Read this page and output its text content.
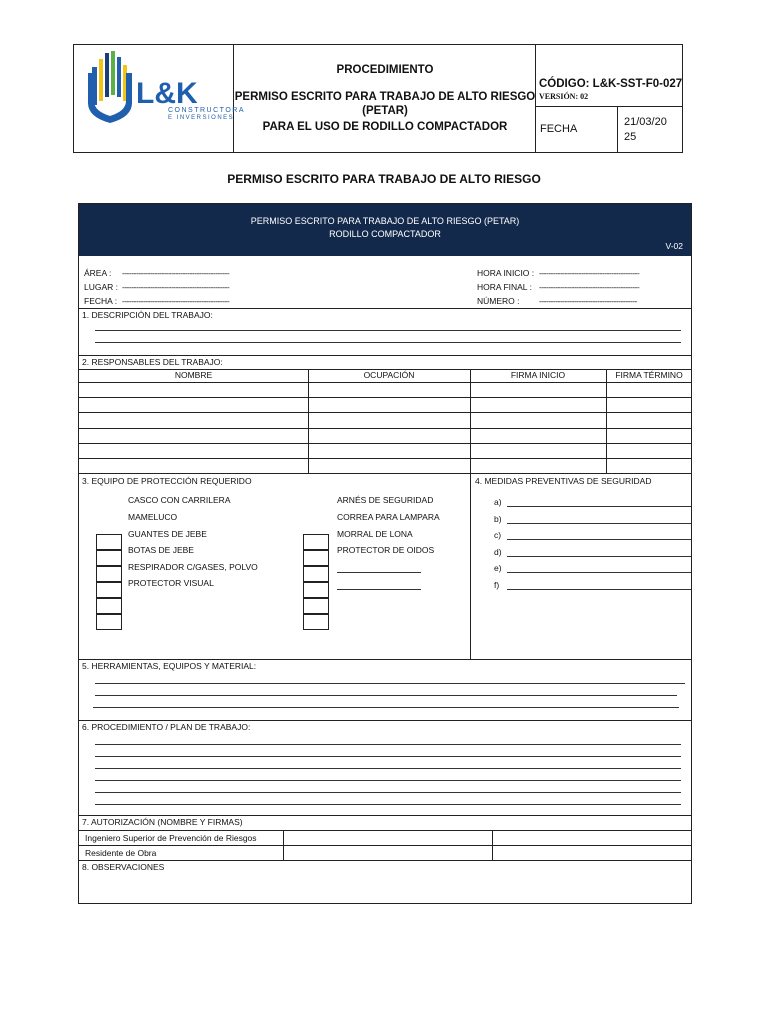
L&K
CONSTRUCTORA
E INVERSIONES
PROCEDIMIENTO
PERMISO ESCRITO PARA TRABAJO DE ALTO RIESGO
(PETAR)
PARA EL USO DE RODILLO COMPACTADOR
CÓDIGO: L&K-SST-F0-027
VERSIÓN: 02
FECHA
21/03/20
25
PERMISO ESCRITO PARA TRABAJO DE ALTO RIESGO
PERMISO ESCRITO PARA TRABAJO DE ALTO RIESGO (PETAR)
RODILLO COMPACTADOR
V-02
ÁREA : ----------------------------------------------
LUGAR : ----------------------------------------------
FECHA : ----------------------------------------------
HORA INICIO : -------------------------------------------
HORA FINAL : -------------------------------------------
NÚMERO : ------------------------------------------
1. DESCRIPCIÓN DEL TRABAJO:
2. RESPONSABLES DEL TRABAJO:
NOMBRE	OCUPACIÓN	FIRMA INICIO	FIRMA TÉRMINO
3. EQUIPO DE PROTECCIÓN REQUERIDO	4. MEDIDAS PREVENTIVAS DE SEGURIDAD
CASCO CON CARRILERA
MAMELUCO
GUANTES DE JEBE
BOTAS DE JEBE
RESPIRADOR C/GASES, POLVO
PROTECTOR VISUAL
ARNÉS DE SEGURIDAD
CORREA PARA LAMPARA
MORRAL DE LONA
PROTECTOR DE OIDOS
a)
b)
c)
d)
e)
f)
5. HERRAMIENTAS, EQUIPOS Y MATERIAL:
6. PROCEDIMIENTO / PLAN DE TRABAJO:
7. AUTORIZACIÓN (NOMBRE Y FIRMAS)
Ingeniero Superior de Prevención de Riesgos
Residente de Obra
8. OBSERVACIONES
